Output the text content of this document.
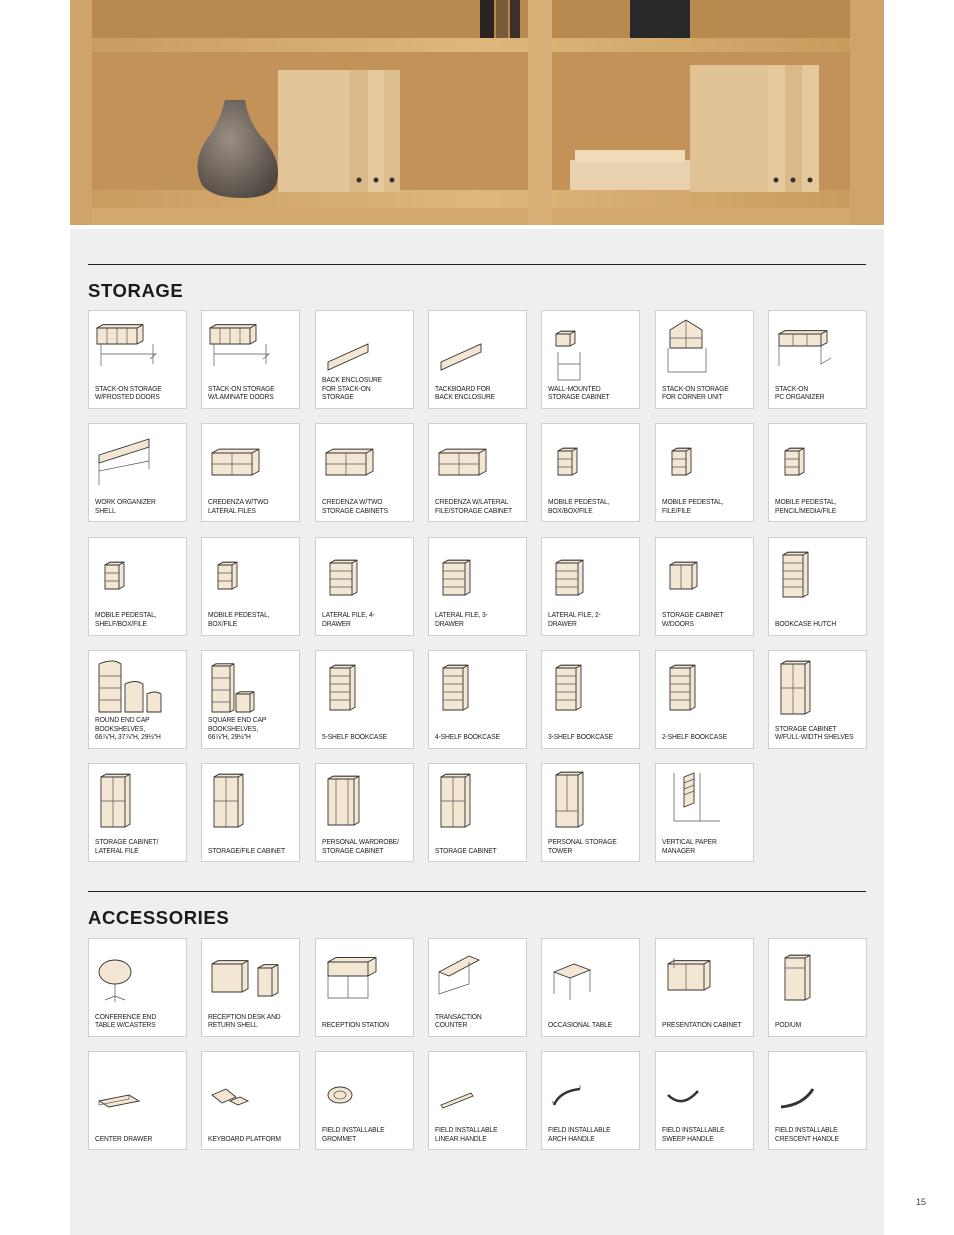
STORAGE
STACK-ON STORAGE
W/FROSTED DOORS
STACK-ON STORAGE
W/LAMINATE DOORS
BACK ENCLOSURE
FOR STACK-ON STORAGE
TACKBOARD FOR
BACK ENCLOSURE
WALL-MOUNTED
STORAGE CABINET
STACK-ON STORAGE
FOR CORNER UNIT
STACK-ON
PC ORGANIZER
WORK ORGANIZER SHELL
CREDENZA W/TWO
LATERAL FILES
CREDENZA W/TWO
STORAGE CABINETS
CREDENZA W/LATERAL
FILE/STORAGE CABINET
MOBILE PEDESTAL,
BOX/BOX/FILE
MOBILE PEDESTAL,
FILE/FILE
MOBILE PEDESTAL,
PENCIL/MEDIA/FILE
MOBILE PEDESTAL,
SHELF/BOX/FILE
MOBILE PEDESTAL,
BOX/FILE
LATERAL FILE, 4-DRAWER
LATERAL FILE, 3-DRAWER
LATERAL FILE, 2-DRAWER
STORAGE CABINET
W/DOORS	BOOKCASE HUTCH
ROUND END CAP
BOOKSHELVES,
66⅞"H, 37⅞"H, 29½"H
SQUARE END CAP
BOOKSHELVES,
66⅞"H, 29½"H	5-SHELF BOOKCASE	4-SHELF BOOKCASE	3-SHELF BOOKCASE	2-SHELF BOOKCASE
STORAGE CABINET
W/FULL-WIDTH SHELVES
STORAGE CABINET/
LATERAL FILE	STORAGE/FILE CABINET
PERSONAL WARDROBE/
STORAGE CABINET	STORAGE CABINET
PERSONAL STORAGE
TOWER
VERTICAL PAPER
MANAGER
ACCESSORIES
CONFERENCE END
TABLE W/CASTERS
RECEPTION DESK AND
RETURN SHELL	RECEPTION STATION
TRANSACTION COUNTER	OCCASIONAL TABLE	PRESENTATION CABINET	PODIUM
CENTER DRAWER	KEYBOARD PLATFORM
FIELD INSTALLABLE
GROMMET
FIELD INSTALLABLE
LINEAR HANDLE
FIELD INSTALLABLE
ARCH HANDLE
FIELD INSTALLABLE
SWEEP HANDLE
FIELD INSTALLABLE
CRESCENT HANDLE
15
